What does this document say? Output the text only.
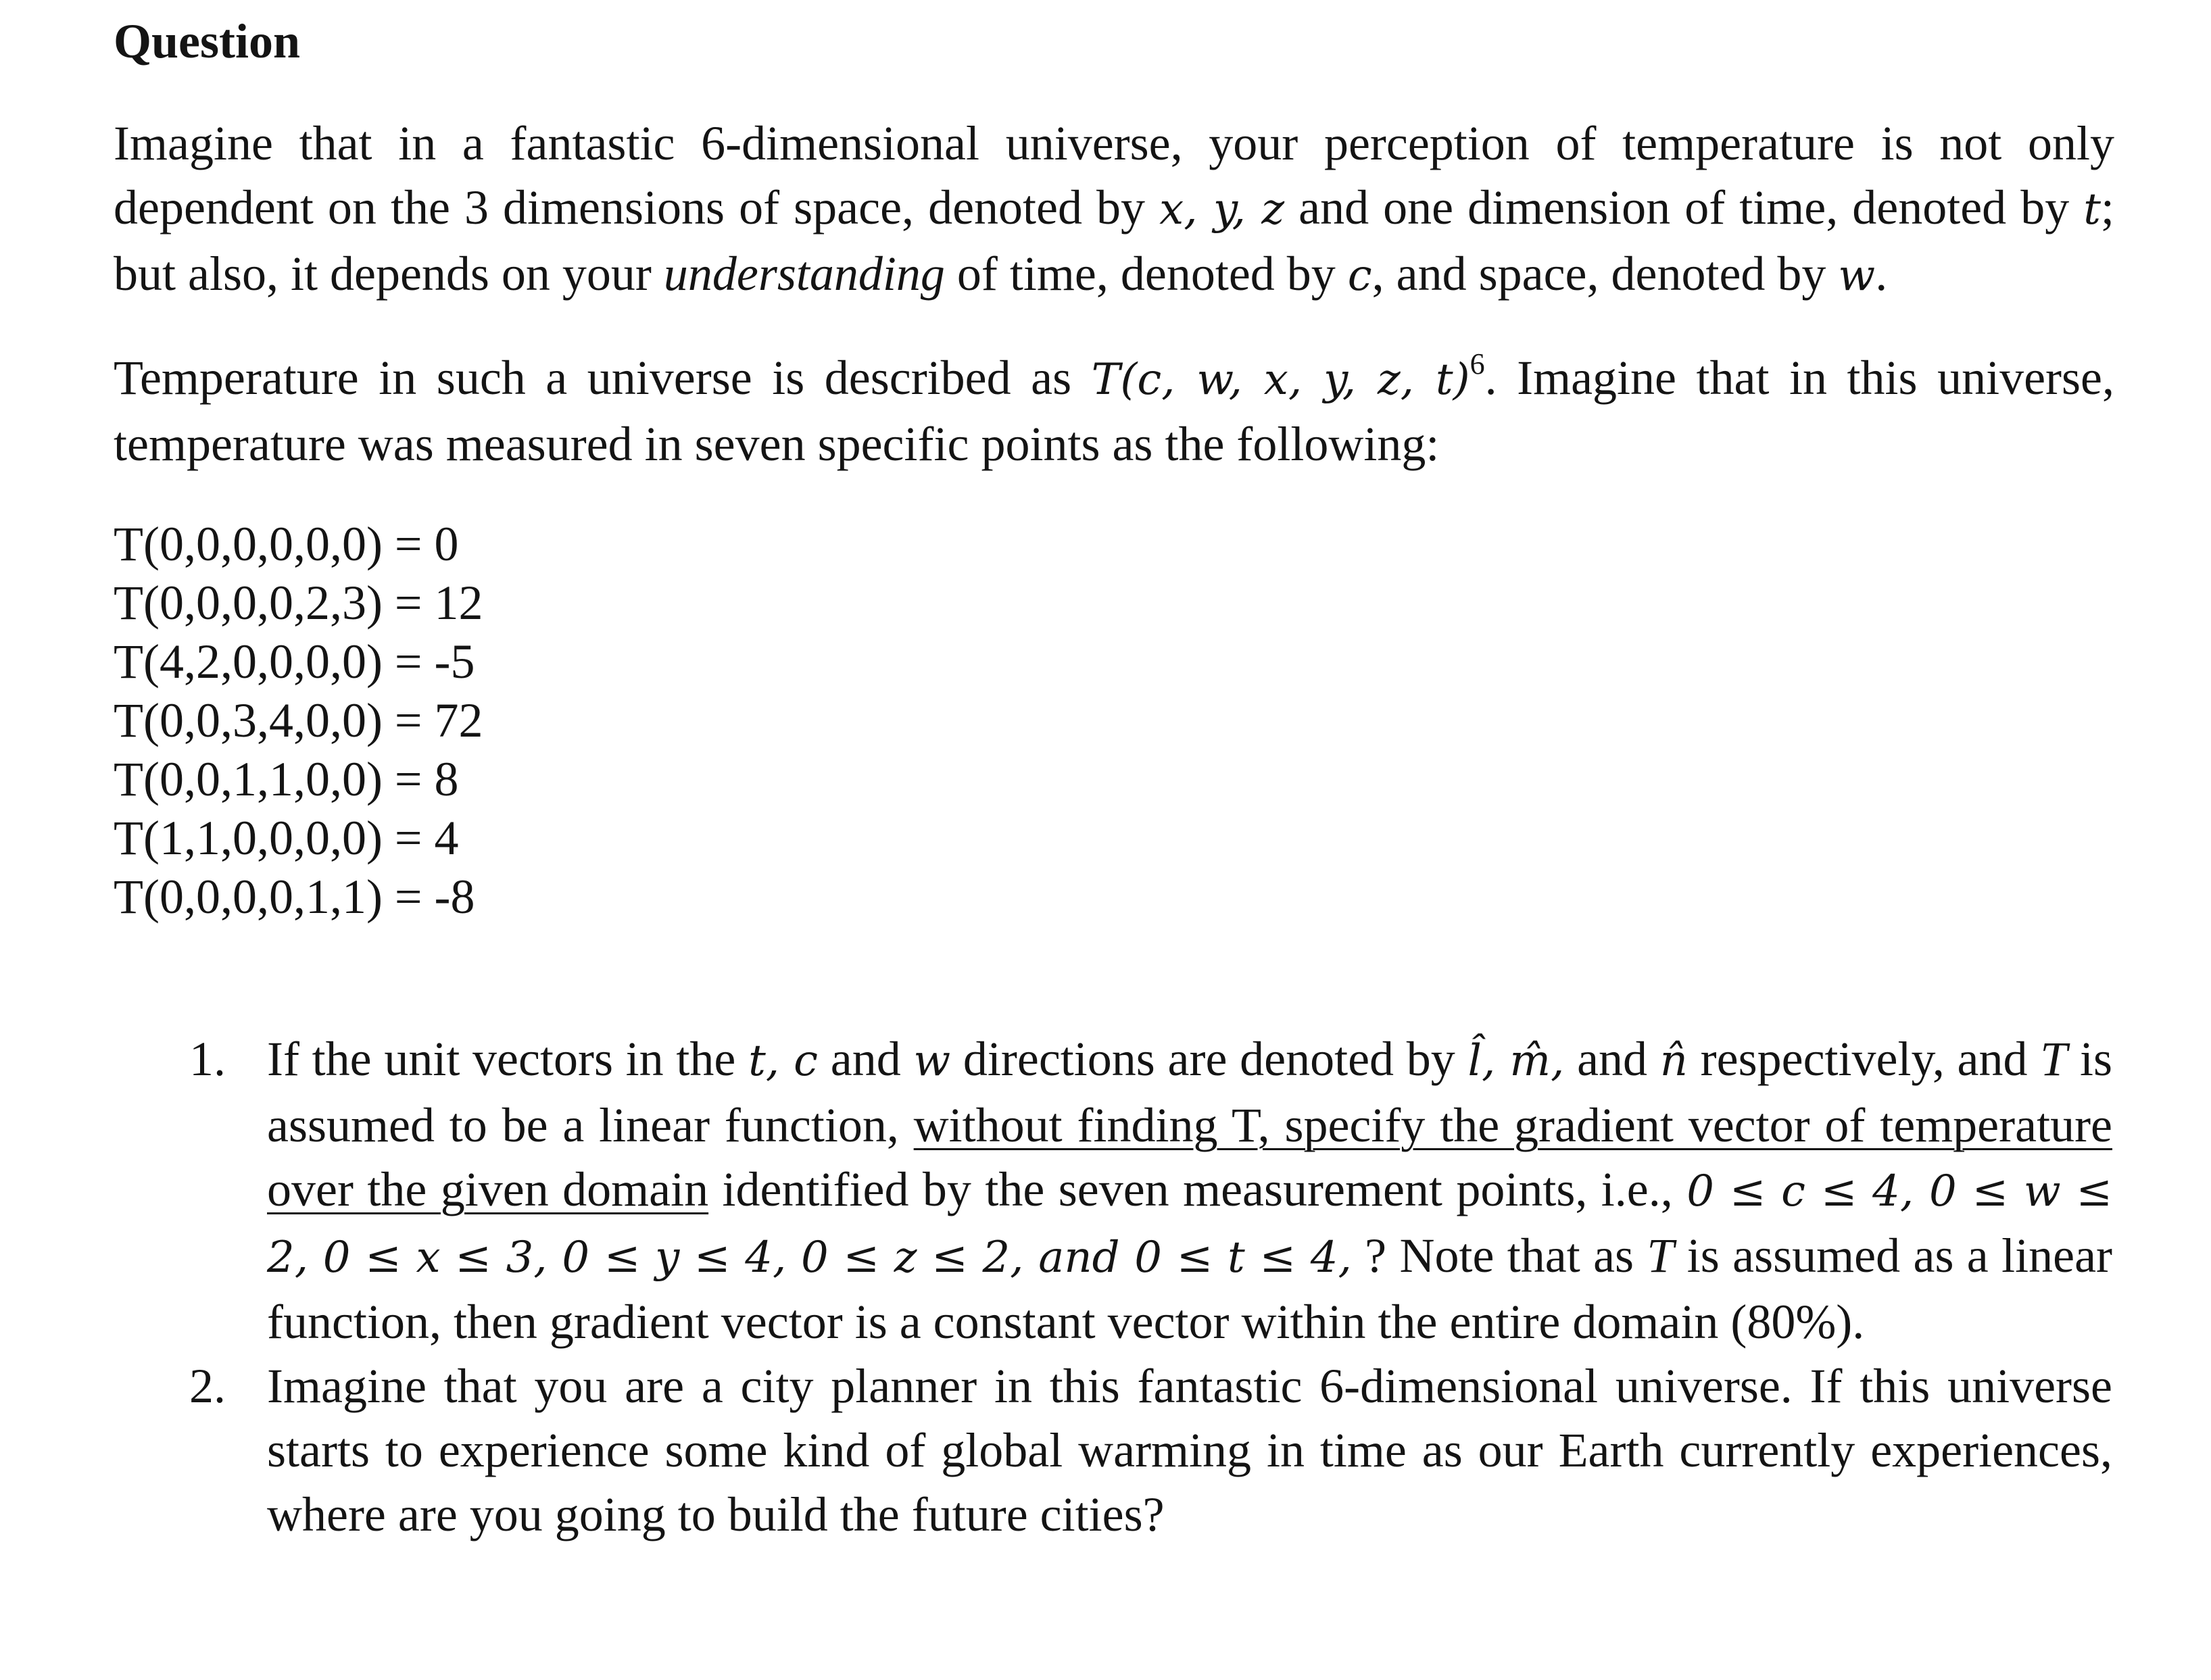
Question

Imagine that in a fantastic 6-dimensional universe, your perception of temperature is not only dependent on the 3 dimensions of space, denoted by x, y, z and one dimension of time, denoted by t; but also, it depends on your understanding of time, denoted by c, and space, denoted by w.

Temperature in such a universe is described as T(c, w, x, y, z, t)$^6$. Imagine that in this universe, temperature was measured in seven specific points as the following:

T(0,0,0,0,0,0) = 0
T(0,0,0,0,2,3) = 12
T(4,2,0,0,0,0) = -5
T(0,0,3,4,0,0) = 72
T(0,0,1,1,0,0) = 8
T(1,1,0,0,0,0) = 4
T(0,0,0,0,1,1) = -8
1. If the unit vectors in the t, c and w directions are denoted by l̂, m̂, and n̂ respectively, and T is assumed to be a linear function, without finding T, specify the gradient vector of temperature over the given domain identified by the seven measurement points, i.e., 0 ≤ c ≤ 4, 0 ≤ w ≤ 2, 0 ≤ x ≤ 3, 0 ≤ y ≤ 4, 0 ≤ z ≤ 2, and 0 ≤ t ≤ 4, ? Note that as T is assumed as a linear function, then gradient vector is a constant vector within the entire domain (80%).
2. Imagine that you are a city planner in this fantastic 6-dimensional universe. If this universe starts to experience some kind of global warming in time as our Earth currently experiences, where are you going to build the future cities?
